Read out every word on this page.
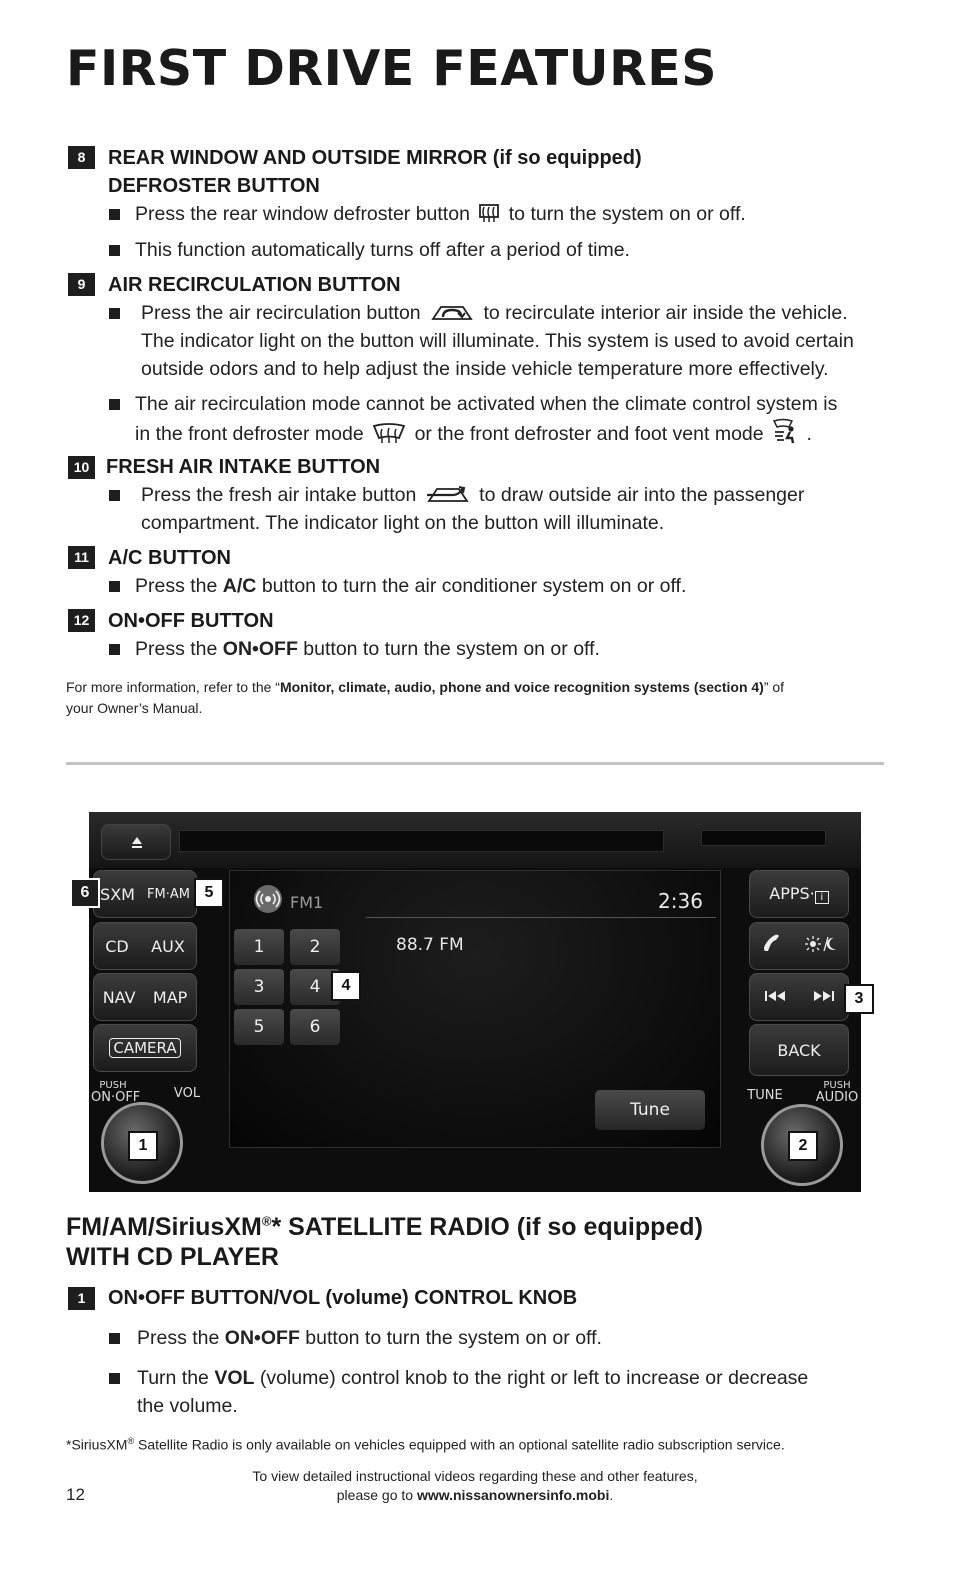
FIRST DRIVE FEATURES
8	REAR WINDOW AND OUTSIDE MIRROR (if so equipped)
DEFROSTER BUTTON
Press the rear window defroster button to turn the system on or off.
This function automatically turns off after a period of time.
9	AIR RECIRCULATION BUTTON
Press the air recirculation button	to recirculate interior air inside the vehicle.
The indicator light on the button will illuminate. This system is used to avoid certain
outside odors and to help adjust the inside vehicle temperature more effectively.
The air recirculation mode cannot be activated when the climate control system is
in the front defroster mode	or the front defroster and foot vent mode .
10 FRESH AIR INTAKE BUTTON
Press the fresh air intake button	to draw outside air into the passenger
compartment. The indicator light on the button will illuminate.
11 A/C BUTTON
Press the A/C button to turn the air conditioner system on or off.
12 ON•OFF BUTTON
Press the ON•OFF button to turn the system on or off.
For more information, refer to the “Monitor, climate, audio, phone and voice recognition systems (section 4)” of
your Owner’s Manual.
SXM FM·AM
CD AUX
NAV MAP
CAMERA
PUSH
ON·OFF	VOL
FM1	2:36
88.7 FM
1	2
3	4
5	6
Tune
APPS· i
BACK
TUNE
PUSH
AUDIO
6	5
4
3
1	2
FM/AM/SiriusXM®* SATELLITE RADIO (if so equipped)
WITH CD PLAYER
1	ON•OFF BUTTON/VOL (volume) CONTROL KNOB
Press the ON•OFF button to turn the system on or off.
Turn the VOL (volume) control knob to the right or left to increase or decrease
the volume.
*SiriusXM® Satellite Radio is only available on vehicles equipped with an optional satellite radio subscription service.
12
To view detailed instructional videos regarding these and other features,
please go to www.nissanownersinfo.mobi.
